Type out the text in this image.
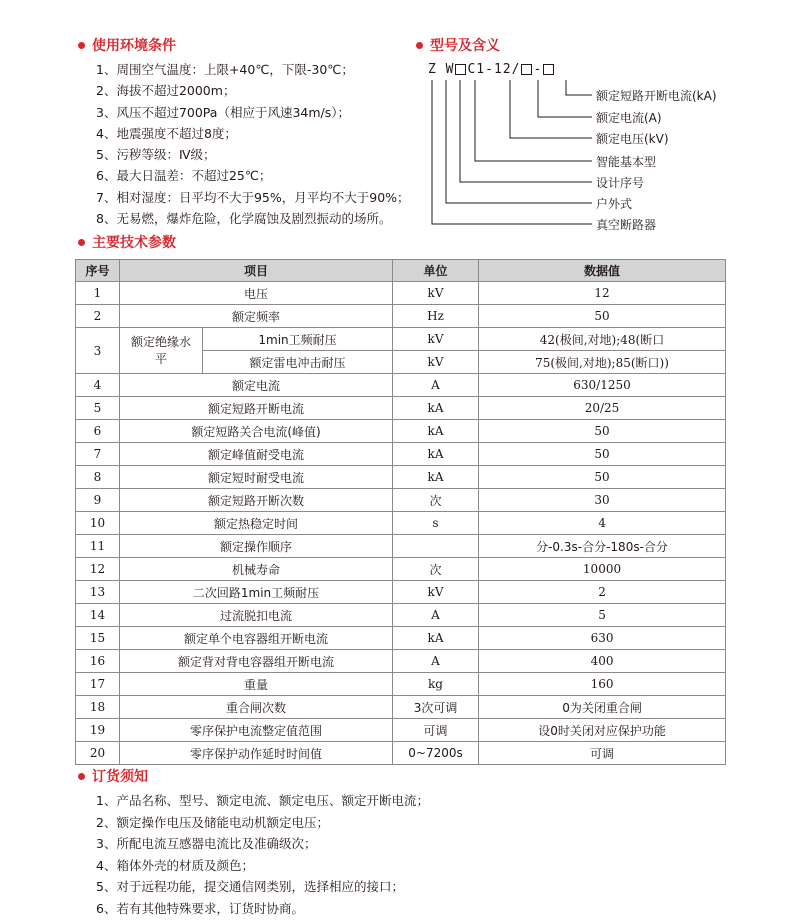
使用环境条件	型号及含义
主要技术参数
订货须知
1、周围空气温度：上限+40℃，下限-30℃；
2、海拔不超过2000m；
3、风压不超过700Pa（相应于风速34m/s）；
4、地震强度不超过8度；
5、污秽等级：Ⅳ级；
6、最大日温差：不超过25℃；
7、相对湿度：日平均不大于95%，月平均不大于90%；
8、无易燃，爆炸危险，化学腐蚀及剧烈振动的场所。
Z W C1-12/ -
额定短路开断电流(kA)
额定电流(A)
额定电压(kV)
智能基本型
设计序号
户外式
真空断路器
序号	项目		单位	数据值
1	电压		kV	12
2	额定频率		Hz	50
3	额定绝缘水平	1min工频耐压	kV	42(极间,对地);48(断口
		额定雷电冲击耐压	kV	75(极间,对地);85(断口))
4	额定电流		A	630/1250
5	额定短路开断电流		kA	20/25
6	额定短路关合电流(峰值)		kA	50
7	额定峰值耐受电流		kA	50
8	额定短时耐受电流		kA	50
9	额定短路开断次数		次	30
10	额定热稳定时间		s	4
11	额定操作顺序			分-0.3s-合分-180s-合分
12	机械寿命		次	10000
13	二次回路1min工频耐压		kV	2
14	过流脱扣电流		A	5
15	额定单个电容器组开断电流		kA	630
16	额定背对背电容器组开断电流		A	400
17	重量		kg	160
18	重合闸次数		3次可调	0为关闭重合闸
19	零序保护电流整定值范围		可调	设0时关闭对应保护功能
20	零序保护动作延时时间值		0~7200s	可调
1、产品名称、型号、额定电流、额定电压、额定开断电流；
2、额定操作电压及储能电动机额定电压；
3、所配电流互感器电流比及准确级次；
4、箱体外壳的材质及颜色；
5、对于远程功能，提交通信网类别，选择相应的接口；
6、若有其他特殊要求，订货时协商。
